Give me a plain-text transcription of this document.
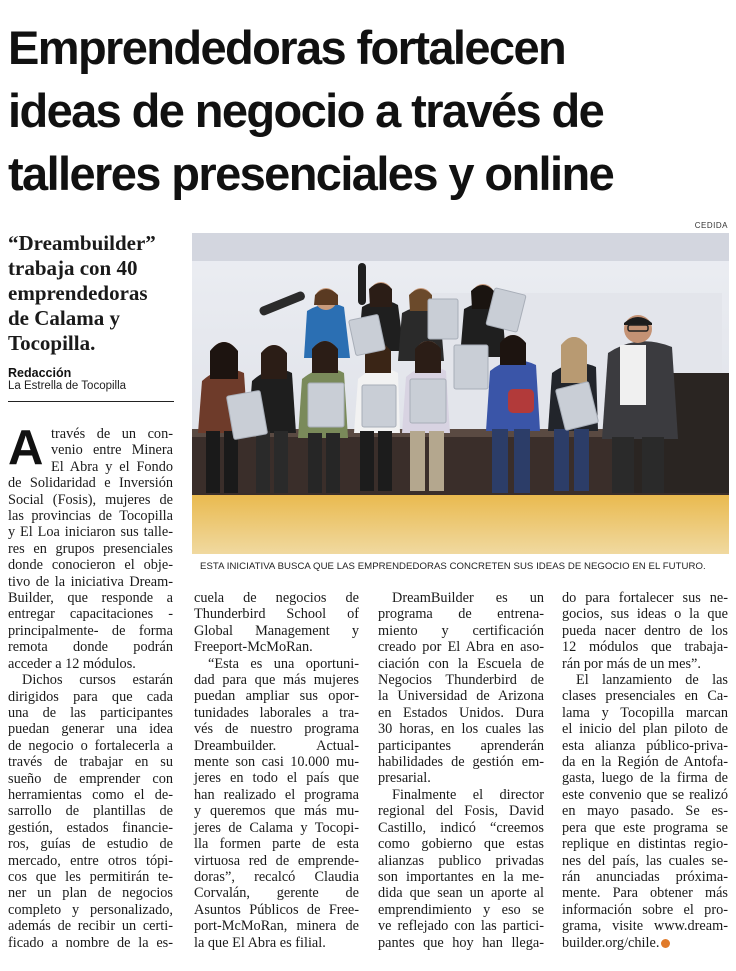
Emprendedoras fortalecen
ideas de negocio a través de
talleres presenciales y online
“Dreambuilder”
trabaja con 40
emprendedoras
de Calama y
Tocopilla.
Redacción
La Estrella de Tocopilla
CEDIDA
ESTA INICIATIVA BUSCA QUE LAS EMPRENDEDORAS CONCRETEN SUS IDEAS DE NEGOCIO EN EL FUTURO.
A través de un con-
venio entre Minera
El Abra y el Fondo
de Solidaridad e Inversión
Social (Fosis), mujeres de
las provincias de Tocopilla
y El Loa iniciaron sus talle-
res en grupos presenciales
donde conocieron el obje-
tivo de la iniciativa Dream-
Builder, que responde a
entregar capacitaciones -
principalmente- de forma
remota donde podrán
acceder a 12 módulos.
Dichos cursos estarán
dirigidos para que cada
una de las participantes
puedan generar una idea
de negocio o fortalecerla a
través de trabajar en su
sueño de emprender con
herramientas como el de-
sarrollo de plantillas de
gestión, estados financie-
ros, guías de estudio de
mercado, entre otros tópi-
cos que les permitirán te-
ner un plan de negocios
completo y personalizado,
además de recibir un certi-
ficado a nombre de la es-
cuela de negocios de
Thunderbird School of
Global Management y
Freeport-McMoRan.
“Esta es una oportuni-
dad para que más mujeres
puedan ampliar sus opor-
tunidades laborales a tra-
vés de nuestro programa
Dreambuilder. Actual-
mente son casi 10.000 mu-
jeres en todo el país que
han realizado el programa
y queremos que más mu-
jeres de Calama y Tocopi-
lla formen parte de esta
virtuosa red de emprende-
doras”, recalcó Claudia
Corvalán, gerente de
Asuntos Públicos de Free-
port-McMoRan, minera de
la que El Abra es filial.
DreamBuilder es un
programa de entrena-
miento y certificación
creado por El Abra en aso-
ciación con la Escuela de
Negocios Thunderbird de
la Universidad de Arizona
en Estados Unidos. Dura
30 horas, en los cuales las
participantes aprenderán
habilidades de gestión em-
presarial.
Finalmente el director
regional del Fosis, David
Castillo, indicó “creemos
como gobierno que estas
alianzas publico privadas
son importantes en la me-
dida que sean un aporte al
emprendimiento y eso se
ve reflejado con las partici-
pantes que hoy han llega-
do para fortalecer sus ne-
gocios, sus ideas o la que
pueda nacer dentro de los
12 módulos que trabaja-
rán por más de un mes”.
El lanzamiento de las
clases presenciales en Ca-
lama y Tocopilla marcan
el inicio del plan piloto de
esta alianza público-priva-
da en la Región de Antofa-
gasta, luego de la firma de
este convenio que se realizó
en mayo pasado. Se es-
pera que este programa se
replique en distintas regio-
nes del país, las cuales se-
rán anunciadas próxima-
mente. Para obtener más
información sobre el pro-
grama, visite www.dream-
builder.org/chile.
